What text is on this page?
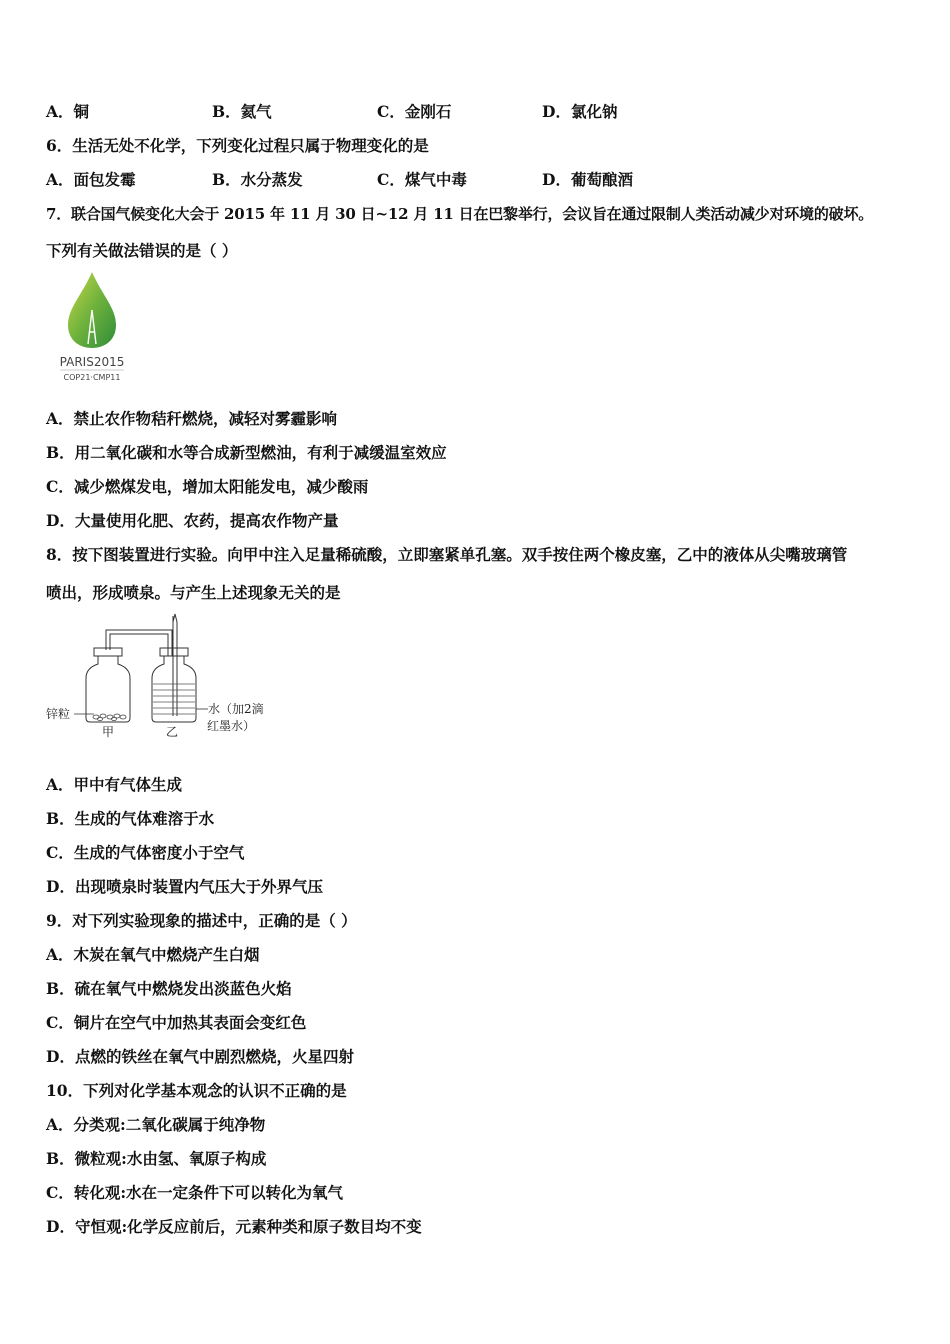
A．铜	B．氦气	C．金刚石	D．氯化钠
6．生活无处不化学，下列变化过程只属于物理变化的是
A．面包发霉	B．水分蒸发	C．煤气中毒	D．葡萄酿酒
7．联合国气候变化大会于 2015 年 11 月 30 日~12 月 11 日在巴黎举行，会议旨在通过限制人类活动减少对环境的破坏。
下列有关做法错误的是（ ）
PARIS2015
COP21·CMP11
A．禁止农作物秸秆燃烧，减轻对雾霾影响
B．用二氧化碳和水等合成新型燃油，有利于减缓温室效应
C．减少燃煤发电，增加太阳能发电，减少酸雨
D．大量使用化肥、农药，提高农作物产量
8．按下图装置进行实验。向甲中注入足量稀硫酸，立即塞紧单孔塞。双手按住两个橡皮塞，乙中的液体从尖嘴玻璃管
喷出，形成喷泉。与产生上述现象无关的是
锌粒
甲	乙
水（加2滴
红墨水）
A．甲中有气体生成
B．生成的气体难溶于水
C．生成的气体密度小于空气
D．出现喷泉时装置内气压大于外界气压
9．对下列实验现象的描述中，正确的是（ ）
A．木炭在氧气中燃烧产生白烟
B．硫在氧气中燃烧发出淡蓝色火焰
C．铜片在空气中加热其表面会变红色
D．点燃的铁丝在氧气中剧烈燃烧，火星四射
10．下列对化学基本观念的认识不正确的是
A．分类观:二氧化碳属于纯净物
B．微粒观:水由氢、氧原子构成
C．转化观:水在一定条件下可以转化为氧气
D．守恒观:化学反应前后，元素种类和原子数目均不变
